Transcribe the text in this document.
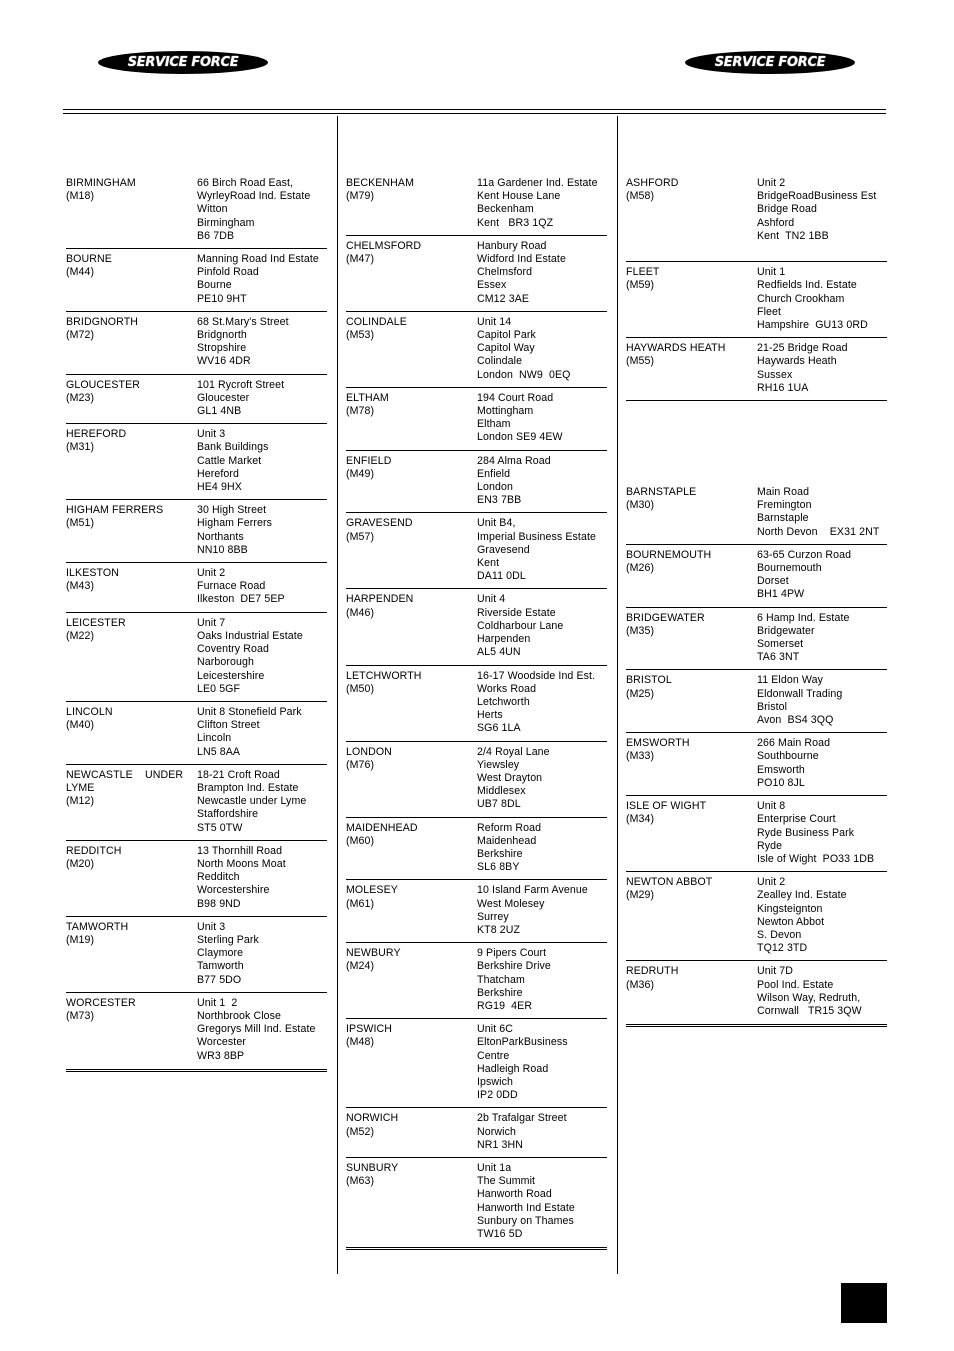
SERVICE FORCE	SERVICE FORCE
BIRMINGHAM
(M18)
66 Birch Road East,
WyrleyRoad Ind. Estate
Witton
Birmingham
B6 7DB
BOURNE
(M44)
Manning Road Ind Estate
Pinfold Road
Bourne
PE10 9HT
BRIDGNORTH
(M72)
68 St.Mary's Street
Bridgnorth
Stropshire
WV16 4DR
GLOUCESTER
(M23)
101 Rycroft Street
Gloucester
GL1 4NB
HEREFORD
(M31)
Unit 3
Bank Buildings
Cattle Market
Hereford
HE4 9HX
HIGHAM FERRERS
(M51)
30 High Street
Higham Ferrers
Northants
NN10 8BB
ILKESTON
(M43)
Unit 2
Furnace Road
Ilkeston  DE7 5EP
LEICESTER
(M22)
Unit 7
Oaks Industrial Estate
Coventry Road
Narborough
Leicestershire
LE0 5GF
LINCOLN
(M40)
Unit 8 Stonefield Park
Clifton Street
Lincoln
LN5 8AA
NEWCASTLE    UNDER
LYME
(M12)
18-21 Croft Road
Brampton Ind. Estate
Newcastle under Lyme
Staffordshire
ST5 0TW
REDDITCH
(M20)
13 Thornhill Road
North Moons Moat
Redditch
Worcestershire
B98 9ND
TAMWORTH
(M19)
Unit 3
Sterling Park
Claymore
Tamworth
B77 5DO
WORCESTER
(M73)
Unit 1  2
Northbrook Close
Gregorys Mill Ind. Estate
Worcester
WR3 8BP
BECKENHAM
(M79)
11a Gardener Ind. Estate
Kent House Lane
Beckenham
Kent   BR3 1QZ
CHELMSFORD
(M47)
Hanbury Road
Widford Ind Estate
Chelmsford
Essex
CM12 3AE
COLINDALE
(M53)
Unit 14
Capitol Park
Capitol Way
Colindale
London  NW9  0EQ
ELTHAM
(M78)
194 Court Road
Mottingham
Eltham
London SE9 4EW
ENFIELD
(M49)
284 Alma Road
Enfield
London
EN3 7BB
GRAVESEND
(M57)
Unit B4,
Imperial Business Estate
Gravesend
Kent
DA11 0DL
HARPENDEN
(M46)
Unit 4
Riverside Estate
Coldharbour Lane
Harpenden
AL5 4UN
LETCHWORTH
(M50)
16-17 Woodside Ind Est.
Works Road
Letchworth
Herts
SG6 1LA
LONDON
(M76)
2/4 Royal Lane
Yiewsley
West Drayton
Middlesex
UB7 8DL
MAIDENHEAD
(M60)
Reform Road
Maidenhead
Berkshire
SL6 8BY
MOLESEY
(M61)
10 Island Farm Avenue
West Molesey
Surrey
KT8 2UZ
NEWBURY
(M24)
9 Pipers Court
Berkshire Drive
Thatcham
Berkshire
RG19  4ER
IPSWICH
(M48)
Unit 6C
EltonParkBusiness
Centre
Hadleigh Road
Ipswich
IP2 0DD
NORWICH
(M52)
2b Trafalgar Street
Norwich
NR1 3HN
SUNBURY
(M63)
Unit 1a
The Summit
Hanworth Road
Hanworth Ind Estate
Sunbury on Thames
TW16 5D
ASHFORD
(M58)
Unit 2
BridgeRoadBusiness Est
Bridge Road
Ashford
Kent  TN2 1BB
FLEET
(M59)
Unit 1
Redfields Ind. Estate
Church Crookham
Fleet
Hampshire  GU13 0RD
HAYWARDS HEATH
(M55)
21-25 Bridge Road
Haywards Heath
Sussex
RH16 1UA
BARNSTAPLE
(M30)
Main Road
Fremington
Barnstaple
North Devon    EX31 2NT
BOURNEMOUTH
(M26)
63-65 Curzon Road
Bournemouth
Dorset
BH1 4PW
BRIDGEWATER
(M35)
6 Hamp Ind. Estate
Bridgewater
Somerset
TA6 3NT
BRISTOL
(M25)
11 Eldon Way
Eldonwall Trading
Bristol
Avon  BS4 3QQ
EMSWORTH
(M33)
266 Main Road
Southbourne
Emsworth
PO10 8JL
ISLE OF WIGHT
(M34)
Unit 8
Enterprise Court
Ryde Business Park
Ryde
Isle of Wight  PO33 1DB
NEWTON ABBOT
(M29)
Unit 2
Zealley Ind. Estate
Kingsteignton
Newton Abbot
S. Devon
TQ12 3TD
REDRUTH
(M36)
Unit 7D
Pool Ind. Estate
Wilson Way, Redruth,
Cornwall   TR15 3QW
